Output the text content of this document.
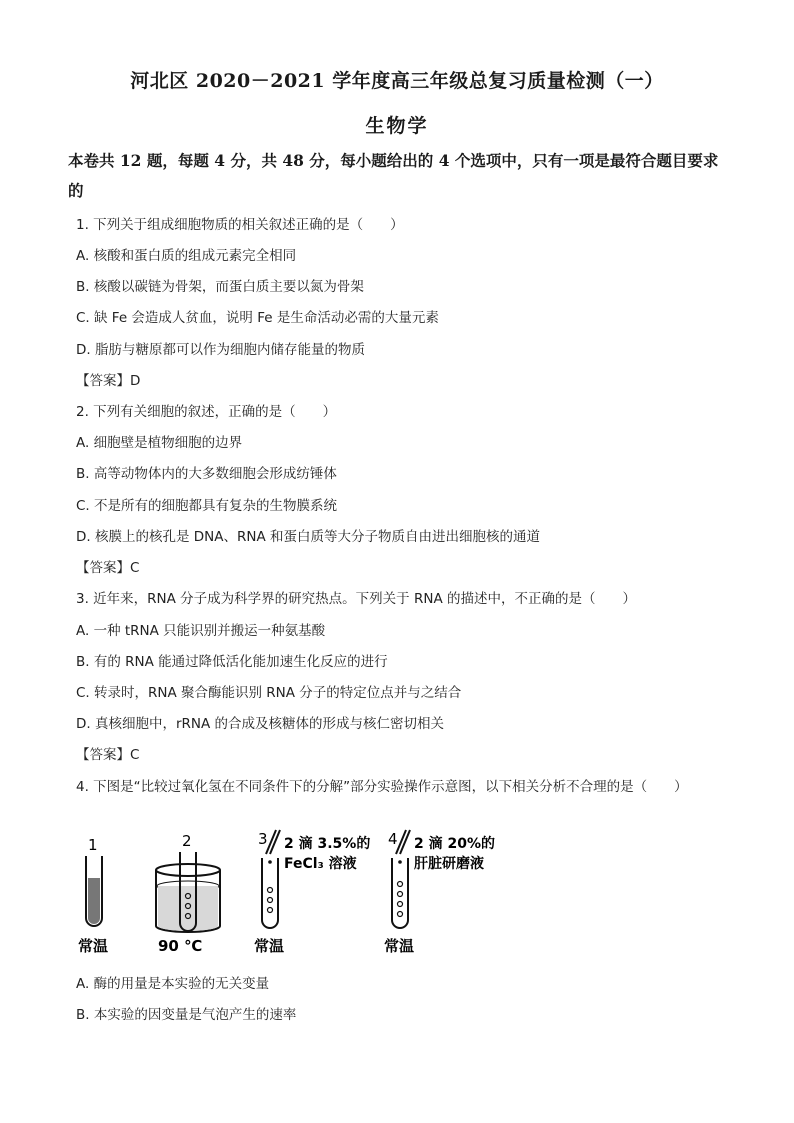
河北区 2020－2021 学年度高三年级总复习质量检测（一）
生物学
本卷共 12 题，每题 4 分，共 48 分，每小题给出的 4 个选项中，只有一项是最符合题目要求的
1. 下列关于组成细胞物质的相关叙述正确的是（　　）
A. 核酸和蛋白质的组成元素完全相同
B. 核酸以碳链为骨架，而蛋白质主要以氮为骨架
C. 缺 Fe 会造成人贫血，说明 Fe 是生命活动必需的大量元素
D. 脂肪与糖原都可以作为细胞内储存能量的物质
【答案】D
2. 下列有关细胞的叙述，正确的是（　　）
A. 细胞壁是植物细胞的边界
B. 高等动物体内的大多数细胞会形成纺锤体
C. 不是所有的细胞都具有复杂的生物膜系统
D. 核膜上的核孔是 DNA、RNA 和蛋白质等大分子物质自由进出细胞核的通道
【答案】C
3. 近年来，RNA 分子成为科学界的研究热点。下列关于 RNA 的描述中，不正确的是（　　）
A. 一种 tRNA 只能识别并搬运一种氨基酸
B. 有的 RNA 能通过降低活化能加速生化反应的进行
C. 转录时，RNA 聚合酶能识别 RNA 分子的特定位点并与之结合
D. 真核细胞中，rRNA 的合成及核糖体的形成与核仁密切相关
【答案】C
4. 下图是“比较过氧化氢在不同条件下的分解”部分实验操作示意图，以下相关分析不合理的是（　　）
1
常温
2
90 ℃
3 2 滴 3.5%的
FeCl₃ 溶液
常温
4 2 滴 20%的
肝脏研磨液
常温
A. 酶的用量是本实验的无关变量
B. 本实验的因变量是气泡产生的速率
